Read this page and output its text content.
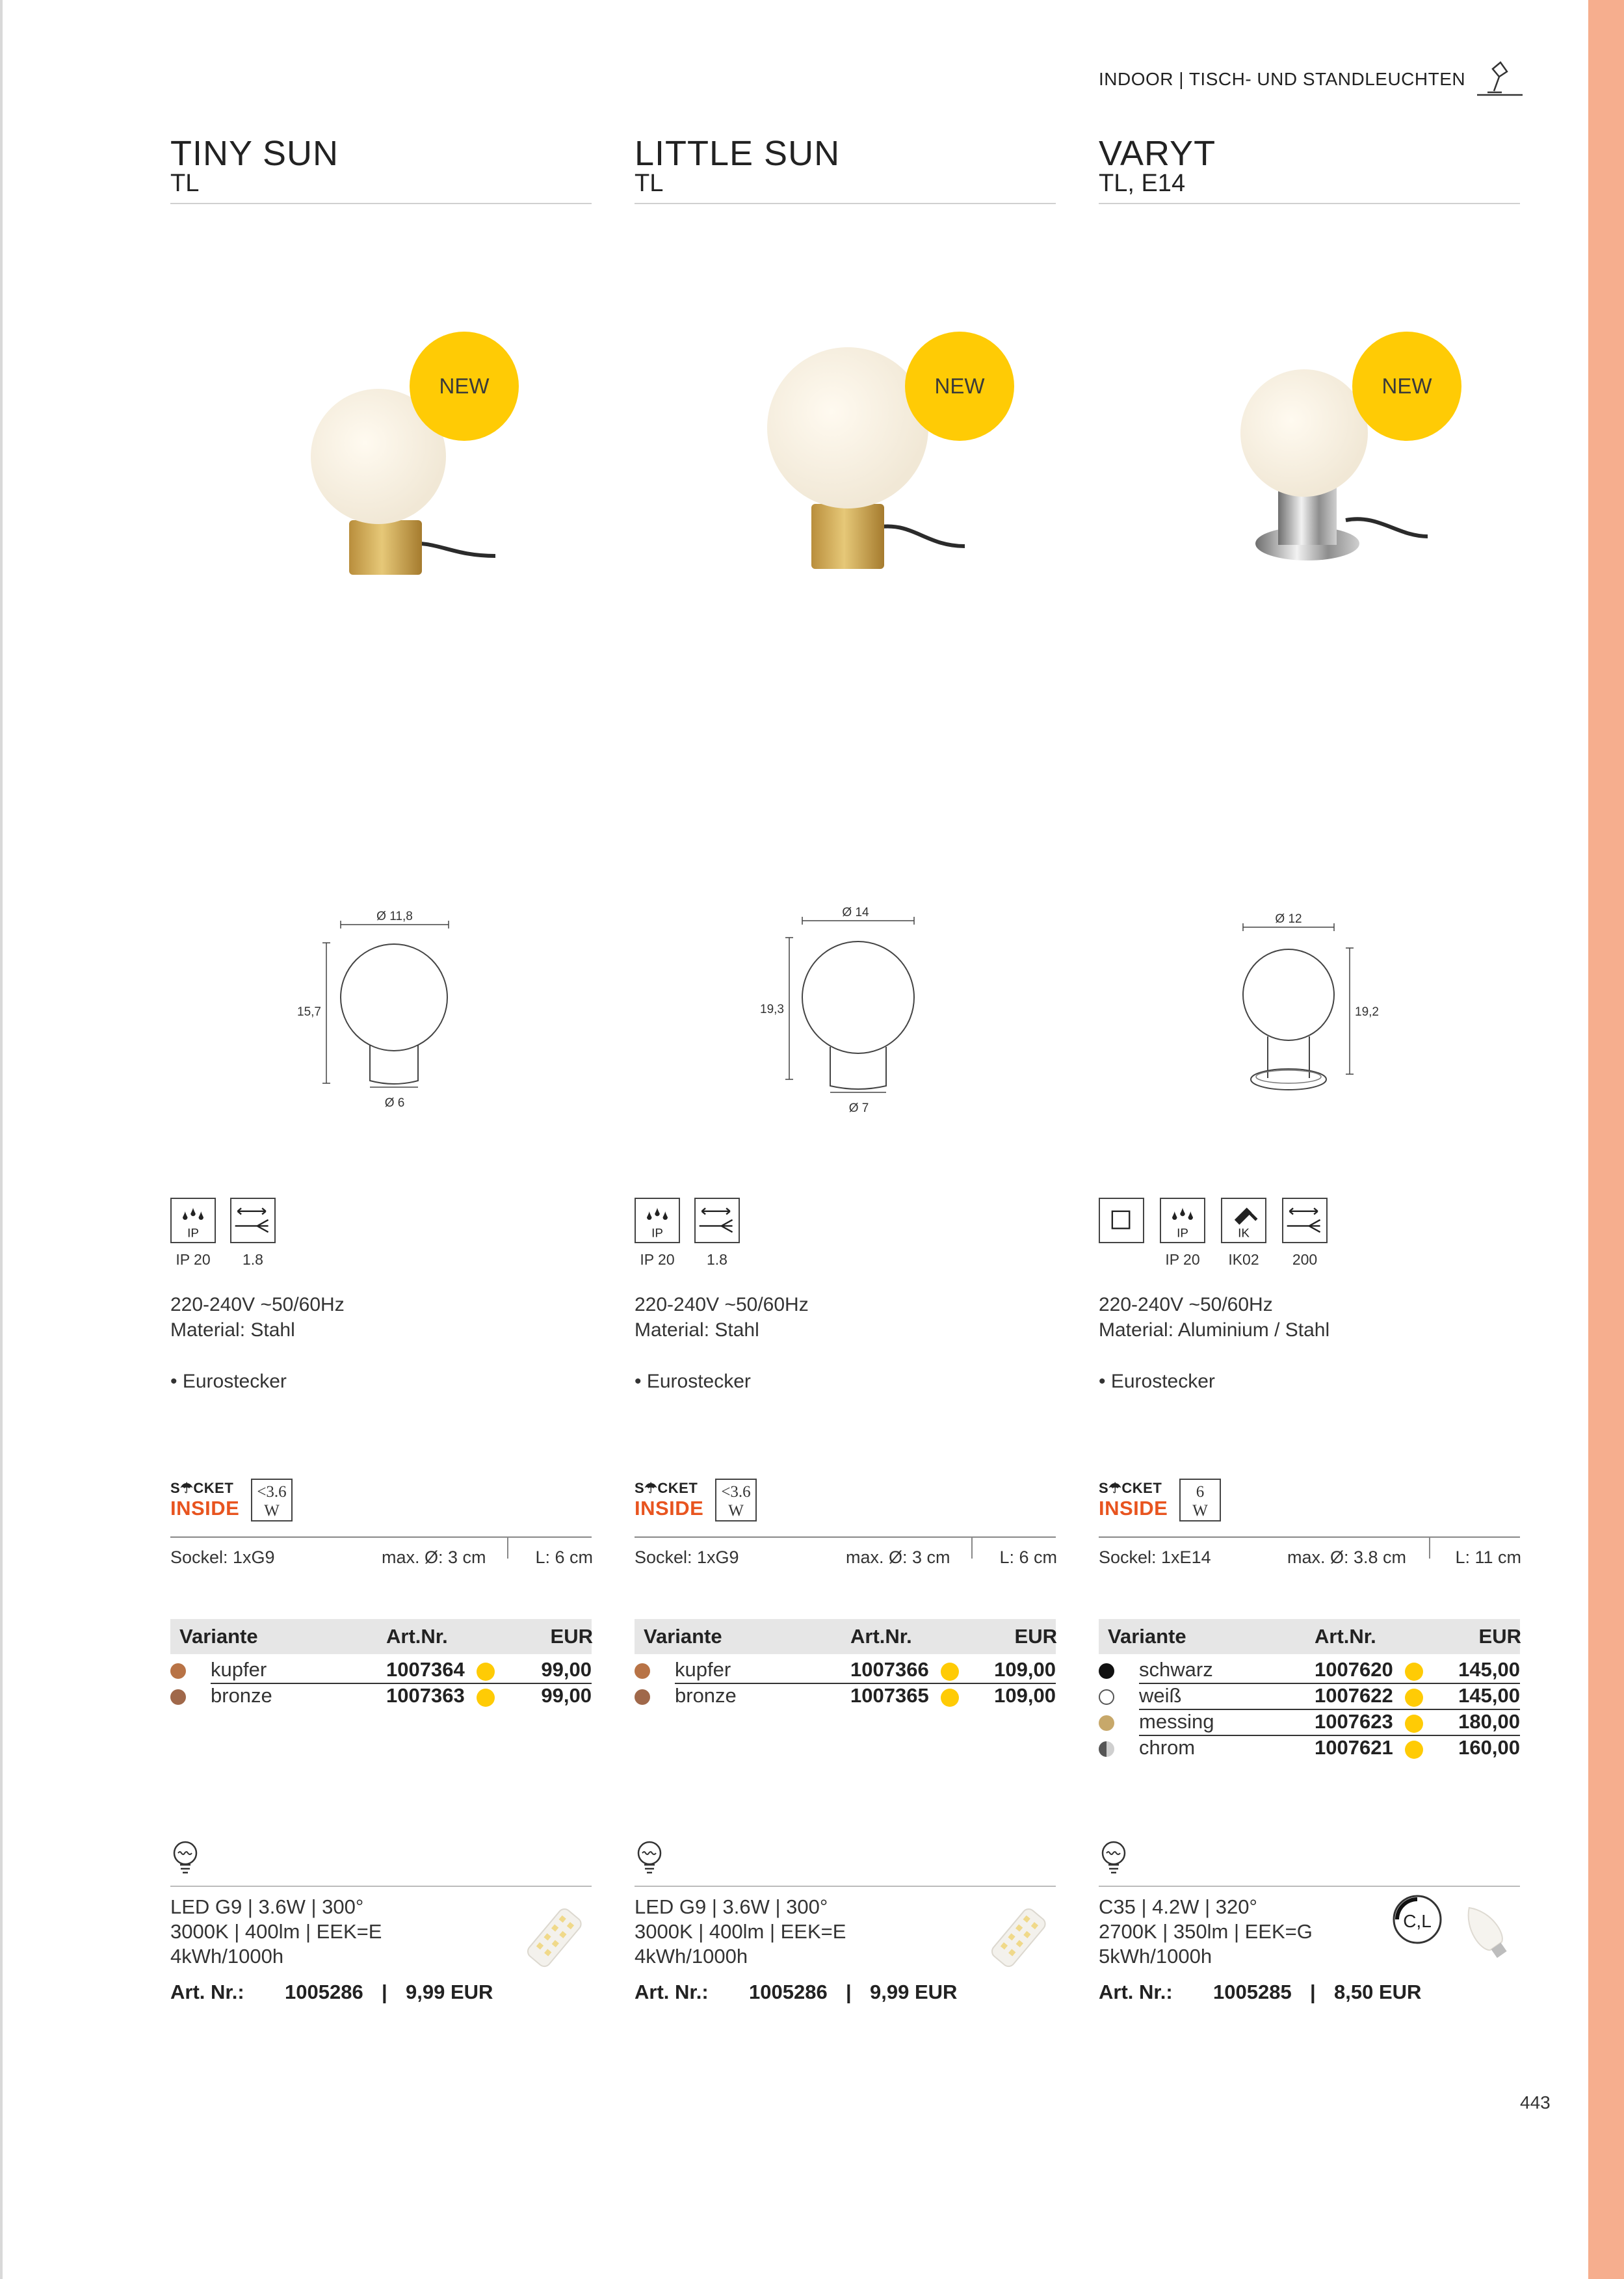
INDOOR | TISCH- UND STANDLEUCHTEN
TINY SUN
TL
NEW
Ø 11,8
15,7
Ø 6
IP
IP 20	1.8
220-240V ~50/60Hz
Material: Stahl
• Eurostecker
S☂CKET
INSIDE
<3.6
W
Sockel: 1xG9	max. Ø: 3 cm	L: 6 cm
Variante	Art.Nr.	EUR
kupfer	1007364	99,00
bronze	1007363	99,00
LED G9 | 3.6W | 300°
3000K | 400lm | EEK=E
4kWh/1000h
Art. Nr.: 1005286 | 9,99 EUR
LITTLE SUN
TL
NEW
Ø 14
19,3
Ø 7
IP
IP 20	1.8
220-240V ~50/60Hz
Material: Stahl
• Eurostecker
S☂CKET
INSIDE
<3.6
W
Sockel: 1xG9	max. Ø: 3 cm	L: 6 cm
Variante	Art.Nr.	EUR
kupfer	1007366	109,00
bronze	1007365	109,00
LED G9 | 3.6W | 300°
3000K | 400lm | EEK=E
4kWh/1000h
Art. Nr.: 1005286 | 9,99 EUR
VARYT
TL, E14
NEW
Ø 12
19,2
IP
IP 20
IK
IK02	200
220-240V ~50/60Hz
Material: Aluminium / Stahl
• Eurostecker
S☂CKET
INSIDE
6
W
Sockel: 1xE14	max. Ø: 3.8 cm	L: 11 cm
Variante	Art.Nr.	EUR
schwarz	1007620	145,00
weiß	1007622	145,00
messing	1007623	180,00
chrom	1007621	160,00
C35 | 4.2W | 320°
2700K | 350lm | EEK=G
5kWh/1000h
Art. Nr.: 1005285 | 8,50 EUR
C,L
443
